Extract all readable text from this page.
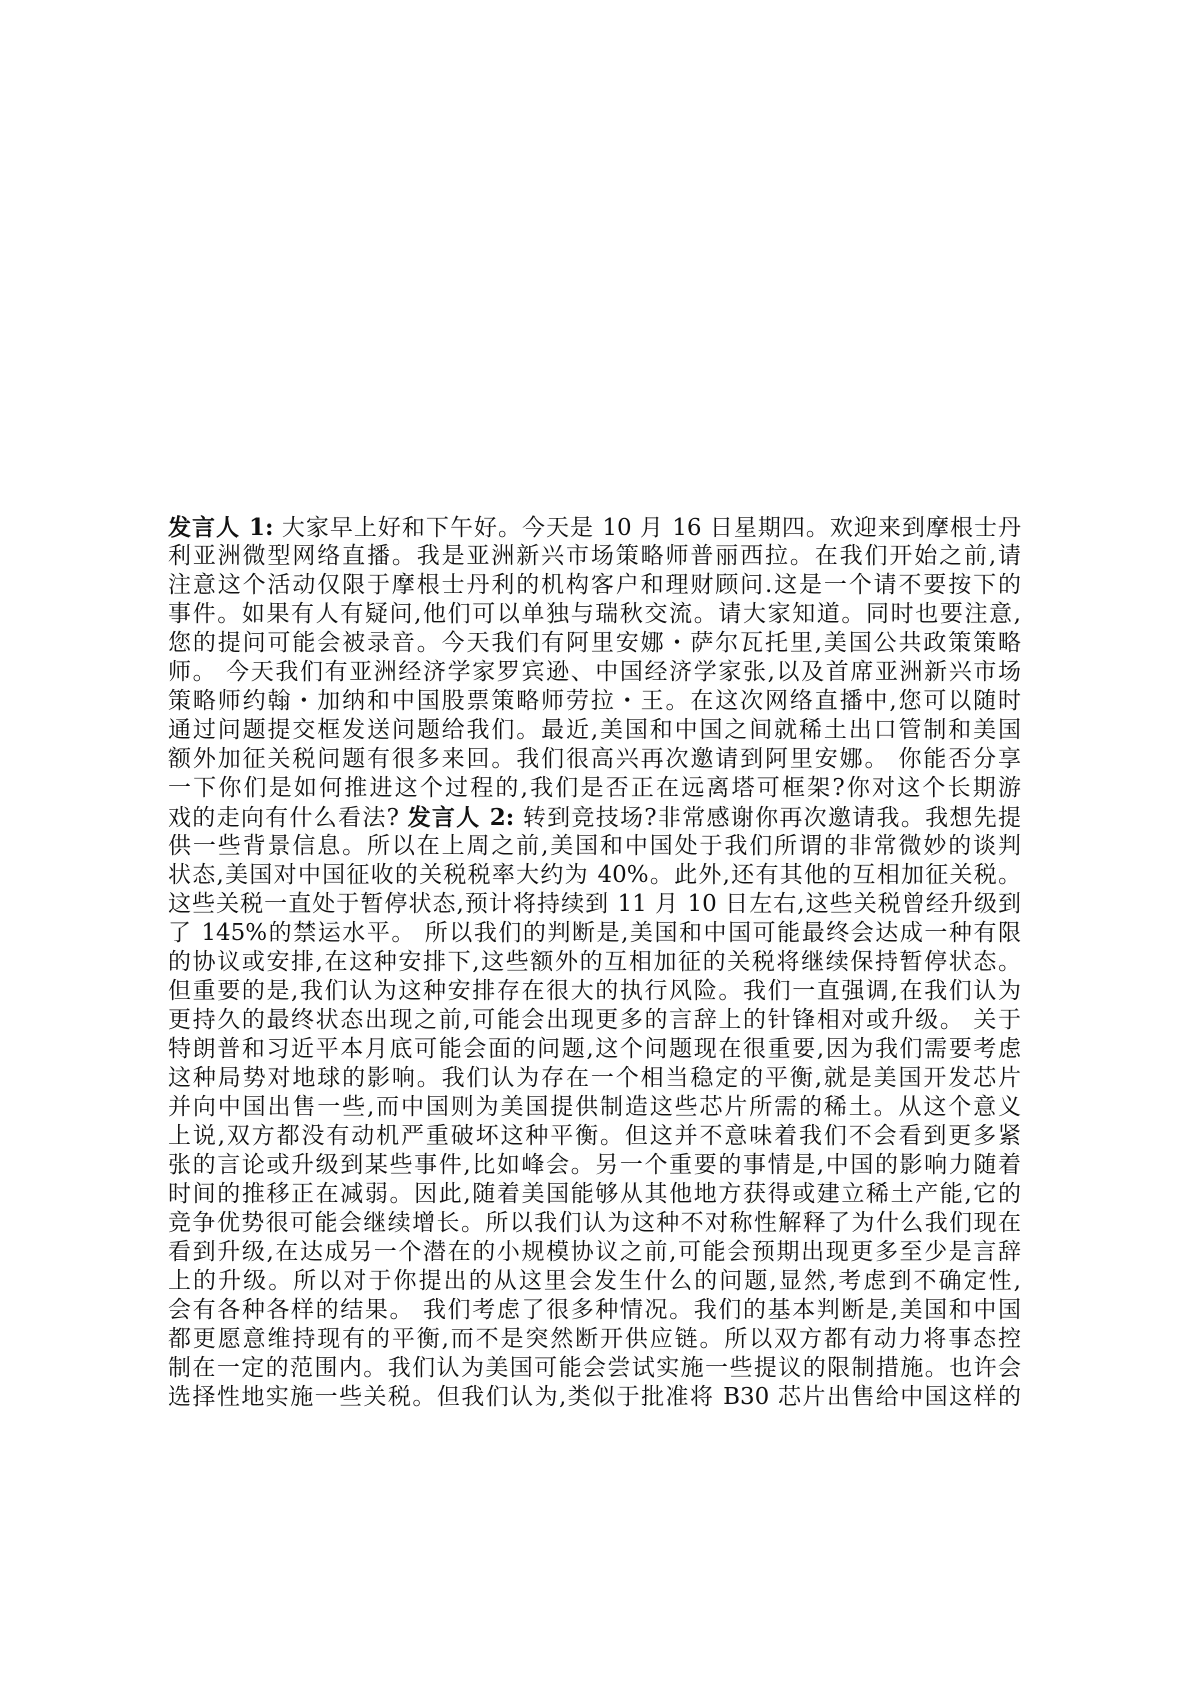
发言人 1: 大家早上好和下午好。今天是 10 月 16 日星期四。欢迎来到摩根士丹
利亚洲微型网络直播。我是亚洲新兴市场策略师普丽西拉。在我们开始之前,请
注意这个活动仅限于摩根士丹利的机构客户和理财顾问.这是一个请不要按下的
事件。如果有人有疑问,他们可以单独与瑞秋交流。请大家知道。同时也要注意,
您的提问可能会被录音。今天我们有阿里安娜・萨尔瓦托里,美国公共政策策略
师。 今天我们有亚洲经济学家罗宾逊、中国经济学家张,以及首席亚洲新兴市场
策略师约翰・加纳和中国股票策略师劳拉・王。在这次网络直播中,您可以随时
通过问题提交框发送问题给我们。最近,美国和中国之间就稀土出口管制和美国
额外加征关税问题有很多来回。我们很高兴再次邀请到阿里安娜。 你能否分享
一下你们是如何推进这个过程的,我们是否正在远离塔可框架?你对这个长期游
戏的走向有什么看法? 发言人 2: 转到竞技场?非常感谢你再次邀请我。我想先提
供一些背景信息。所以在上周之前,美国和中国处于我们所谓的非常微妙的谈判
状态,美国对中国征收的关税税率大约为 40%。此外,还有其他的互相加征关税。
这些关税一直处于暂停状态,预计将持续到 11 月 10 日左右,这些关税曾经升级到
了 145%的禁运水平。 所以我们的判断是,美国和中国可能最终会达成一种有限
的协议或安排,在这种安排下,这些额外的互相加征的关税将继续保持暂停状态。
但重要的是,我们认为这种安排存在很大的执行风险。我们一直强调,在我们认为
更持久的最终状态出现之前,可能会出现更多的言辞上的针锋相对或升级。 关于
特朗普和习近平本月底可能会面的问题,这个问题现在很重要,因为我们需要考虑
这种局势对地球的影响。我们认为存在一个相当稳定的平衡,就是美国开发芯片
并向中国出售一些,而中国则为美国提供制造这些芯片所需的稀土。从这个意义
上说,双方都没有动机严重破坏这种平衡。但这并不意味着我们不会看到更多紧
张的言论或升级到某些事件,比如峰会。另一个重要的事情是,中国的影响力随着
时间的推移正在减弱。因此,随着美国能够从其他地方获得或建立稀土产能,它的
竞争优势很可能会继续增长。所以我们认为这种不对称性解释了为什么我们现在
看到升级,在达成另一个潜在的小规模协议之前,可能会预期出现更多至少是言辞
上的升级。所以对于你提出的从这里会发生什么的问题,显然,考虑到不确定性,
会有各种各样的结果。 我们考虑了很多种情况。我们的基本判断是,美国和中国
都更愿意维持现有的平衡,而不是突然断开供应链。所以双方都有动力将事态控
制在一定的范围内。我们认为美国可能会尝试实施一些提议的限制措施。也许会
选择性地实施一些关税。但我们认为,类似于批准将 B30 芯片出售给中国这样的
